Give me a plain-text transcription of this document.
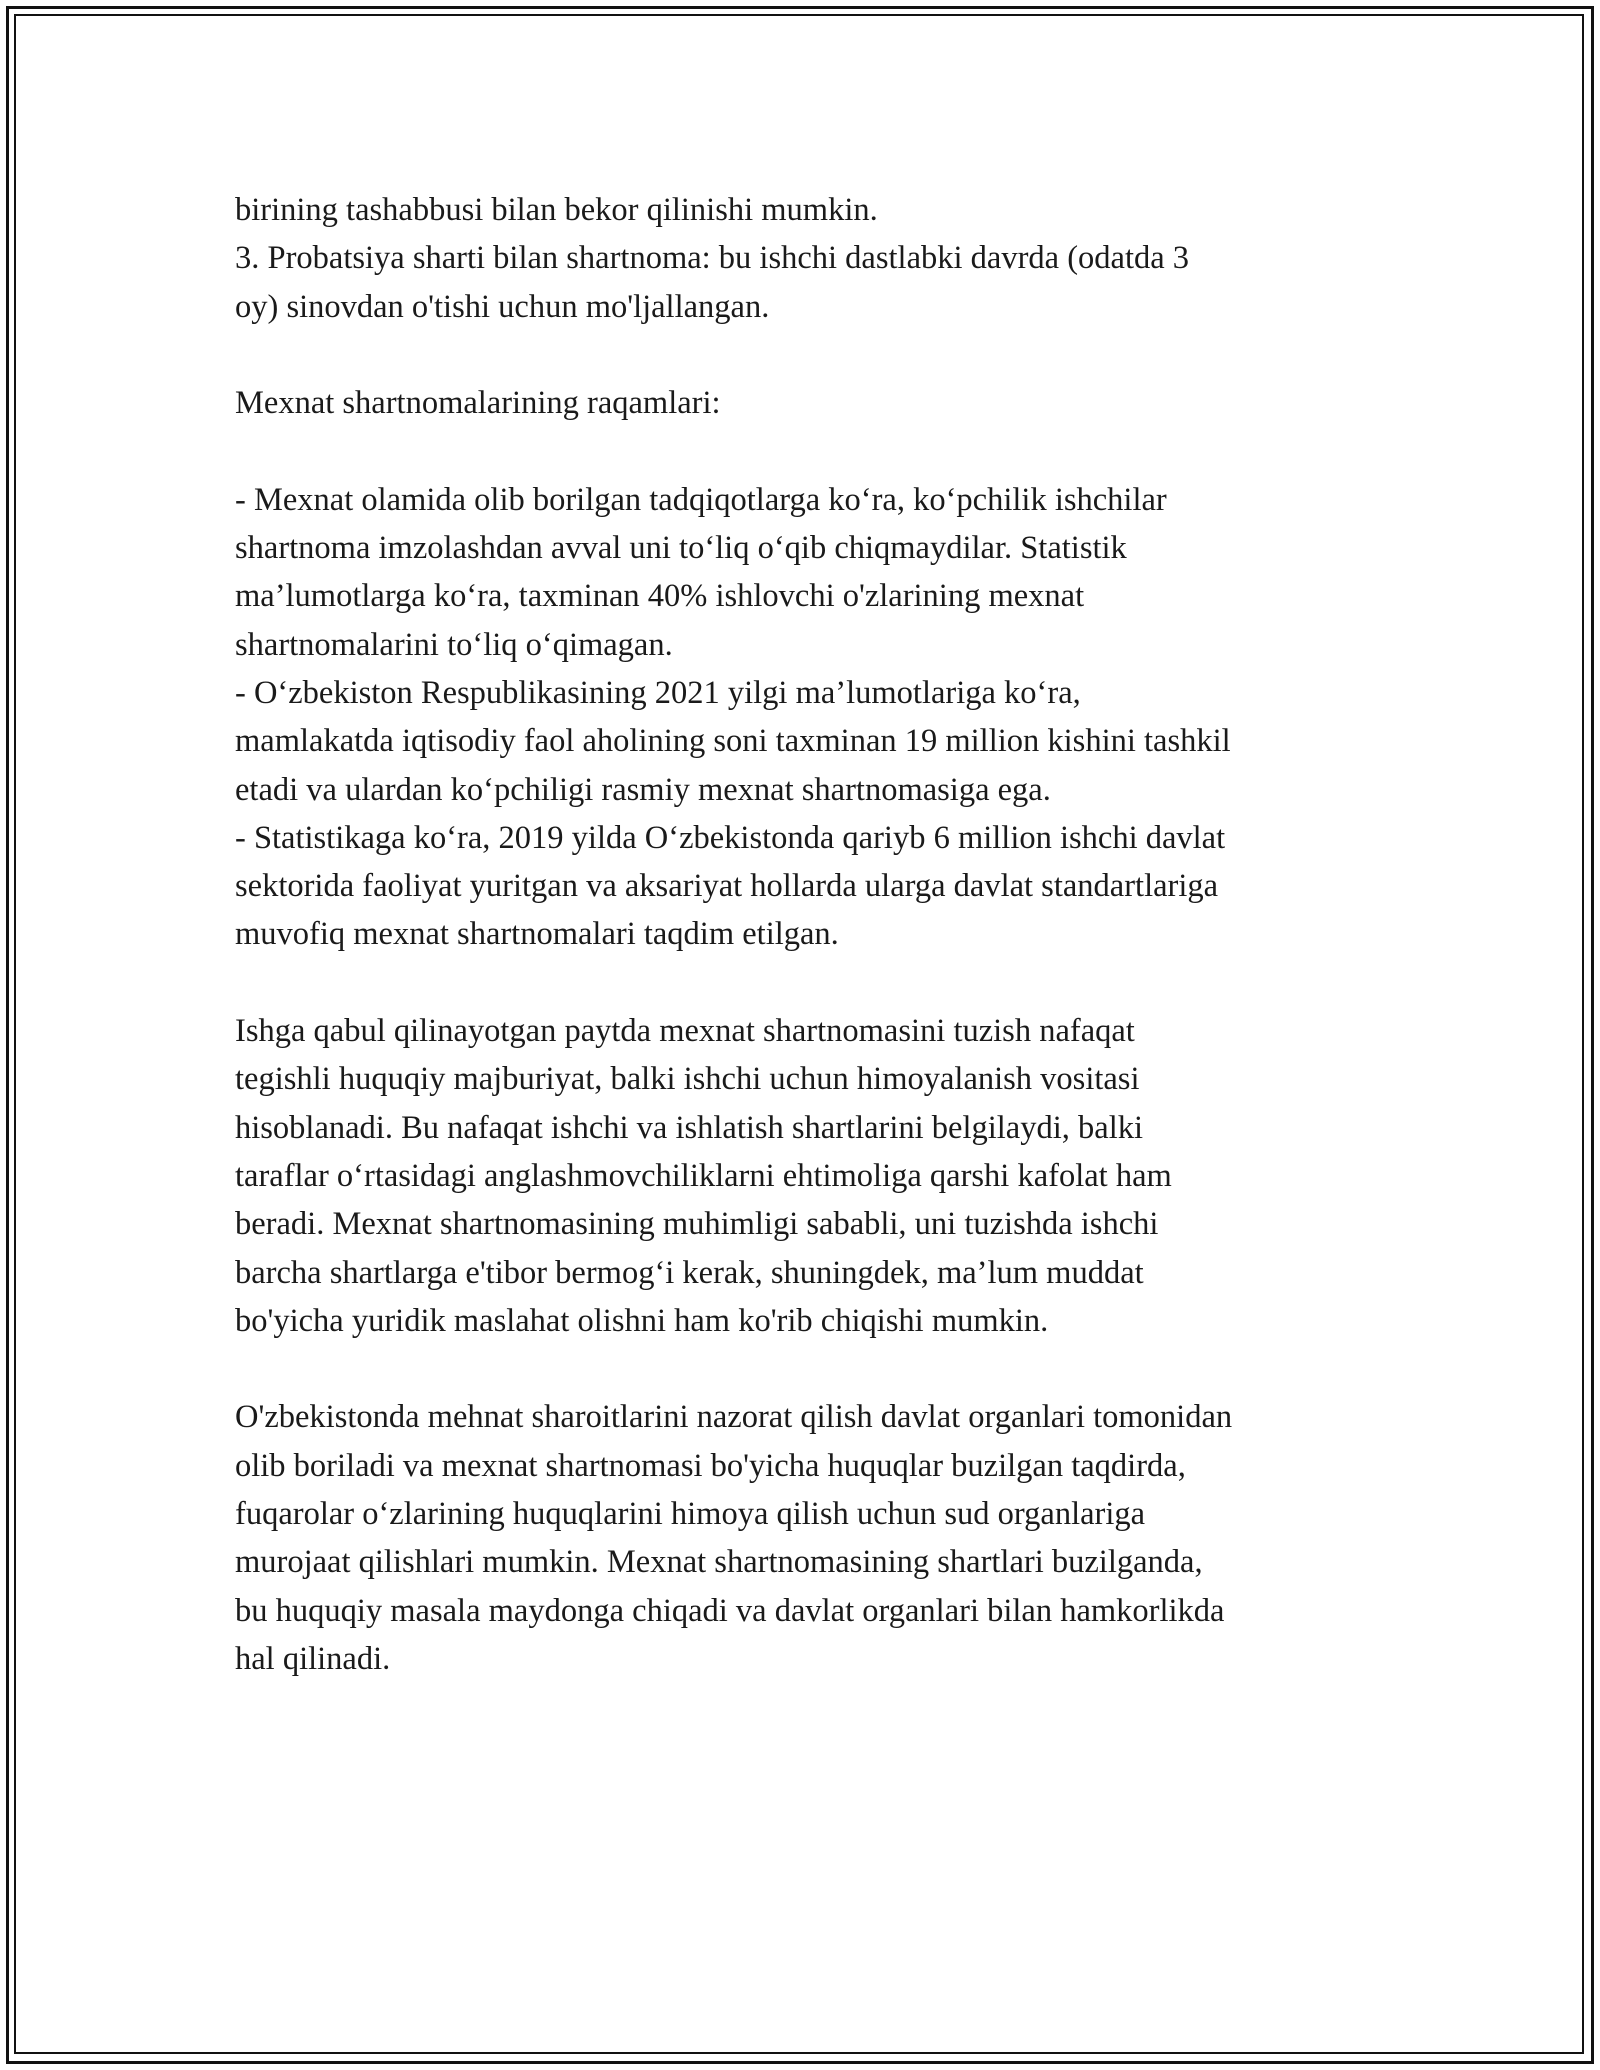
birining tashabbusi bilan bekor qilinishi mumkin.
3. Probatsiya sharti bilan shartnoma: bu ishchi dastlabki davrda (odatda 3
oy) sinovdan o'tishi uchun mo'ljallangan.
Mexnat shartnomalarining raqamlari:
- Mexnat olamida olib borilgan tadqiqotlarga ko‘ra, ko‘pchilik ishchilar
shartnoma imzolashdan avval uni to‘liq o‘qib chiqmaydilar. Statistik
ma’lumotlarga ko‘ra, taxminan 40% ishlovchi o'zlarining mexnat
shartnomalarini to‘liq o‘qimagan.
- O‘zbekiston Respublikasining 2021 yilgi ma’lumotlariga ko‘ra,
mamlakatda iqtisodiy faol aholining soni taxminan 19 million kishini tashkil
etadi va ulardan ko‘pchiligi rasmiy mexnat shartnomasiga ega.
- Statistikaga ko‘ra, 2019 yilda O‘zbekistonda qariyb 6 million ishchi davlat
sektorida faoliyat yuritgan va aksariyat hollarda ularga davlat standartlariga
muvofiq mexnat shartnomalari taqdim etilgan.
Ishga qabul qilinayotgan paytda mexnat shartnomasini tuzish nafaqat
tegishli huquqiy majburiyat, balki ishchi uchun himoyalanish vositasi
hisoblanadi. Bu nafaqat ishchi va ishlatish shartlarini belgilaydi, balki
taraflar o‘rtasidagi anglashmovchiliklarni ehtimoliga qarshi kafolat ham
beradi. Mexnat shartnomasining muhimligi sababli, uni tuzishda ishchi
barcha shartlarga e'tibor bermog‘i kerak, shuningdek, ma’lum muddat
bo'yicha yuridik maslahat olishni ham ko'rib chiqishi mumkin.
O'zbekistonda mehnat sharoitlarini nazorat qilish davlat organlari tomonidan
olib boriladi va mexnat shartnomasi bo'yicha huquqlar buzilgan taqdirda,
fuqarolar o‘zlarining huquqlarini himoya qilish uchun sud organlariga
murojaat qilishlari mumkin. Mexnat shartnomasining shartlari buzilganda,
bu huquqiy masala maydonga chiqadi va davlat organlari bilan hamkorlikda
hal qilinadi.
